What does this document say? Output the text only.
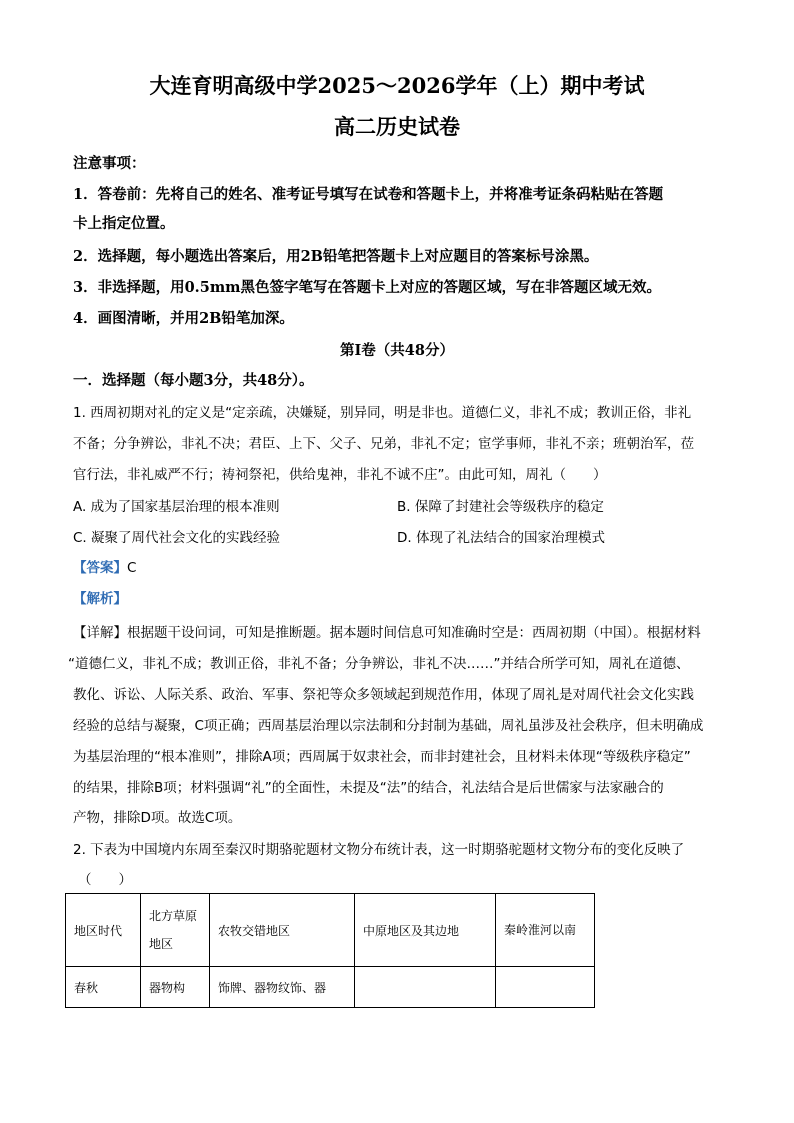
大连育明高级中学2025～2026学年（上）期中考试
高二历史试卷
注意事项：
1．答卷前：先将自己的姓名、准考证号填写在试卷和答题卡上，并将准考证条码粘贴在答题
卡上指定位置。
2．选择题，每小题选出答案后，用2B铅笔把答题卡上对应题目的答案标号涂黑。
3．非选择题，用0.5mm黑色签字笔写在答题卡上对应的答题区域，写在非答题区域无效。
4．画图清晰，并用2B铅笔加深。
第Ⅰ卷（共48分）
一．选择题（每小题3分，共48分）。
1. 西周初期对礼的定义是“定亲疏，决嫌疑，别异同，明是非也。道德仁义，非礼不成；教训正俗，非礼
不备；分争辨讼，非礼不决；君臣、上下、父子、兄弟，非礼不定；宦学事师，非礼不亲；班朝治军，莅
官行法，非礼威严不行；祷祠祭祀，供给鬼神，非礼不诚不庄”。由此可知，周礼（　　）
A. 成为了国家基层治理的根本准则	B. 保障了封建社会等级秩序的稳定
C. 凝聚了周代社会文化的实践经验	D. 体现了礼法结合的国家治理模式
【答案】C
【解析】
【详解】根据题干设问词，可知是推断题。据本题时间信息可知准确时空是：西周初期（中国）。根据材料
“道德仁义，非礼不成；教训正俗，非礼不备；分争辨讼，非礼不决……”并结合所学可知，周礼在道德、
教化、诉讼、人际关系、政治、军事、祭祀等众多领域起到规范作用，体现了周礼是对周代社会文化实践
经验的总结与凝聚，C项正确；西周基层治理以宗法制和分封制为基础，周礼虽涉及社会秩序，但未明确成
为基层治理的“根本准则”，排除A项；西周属于奴隶社会，而非封建社会，且材料未体现“等级秩序稳定”
的结果，排除B项；材料强调“礼”的全面性，未提及“法”的结合，礼法结合是后世儒家与法家融合的
产物，排除D项。故选C项。
2. 下表为中国境内东周至秦汉时期骆驼题材文物分布统计表，这一时期骆驼题材文物分布的变化反映了
（　　）
地区时代	北方草原地区	农牧交错地区	中原地区及其边地	秦岭淮河以南
春秋	器物构	饰牌、器物纹饰、器		
